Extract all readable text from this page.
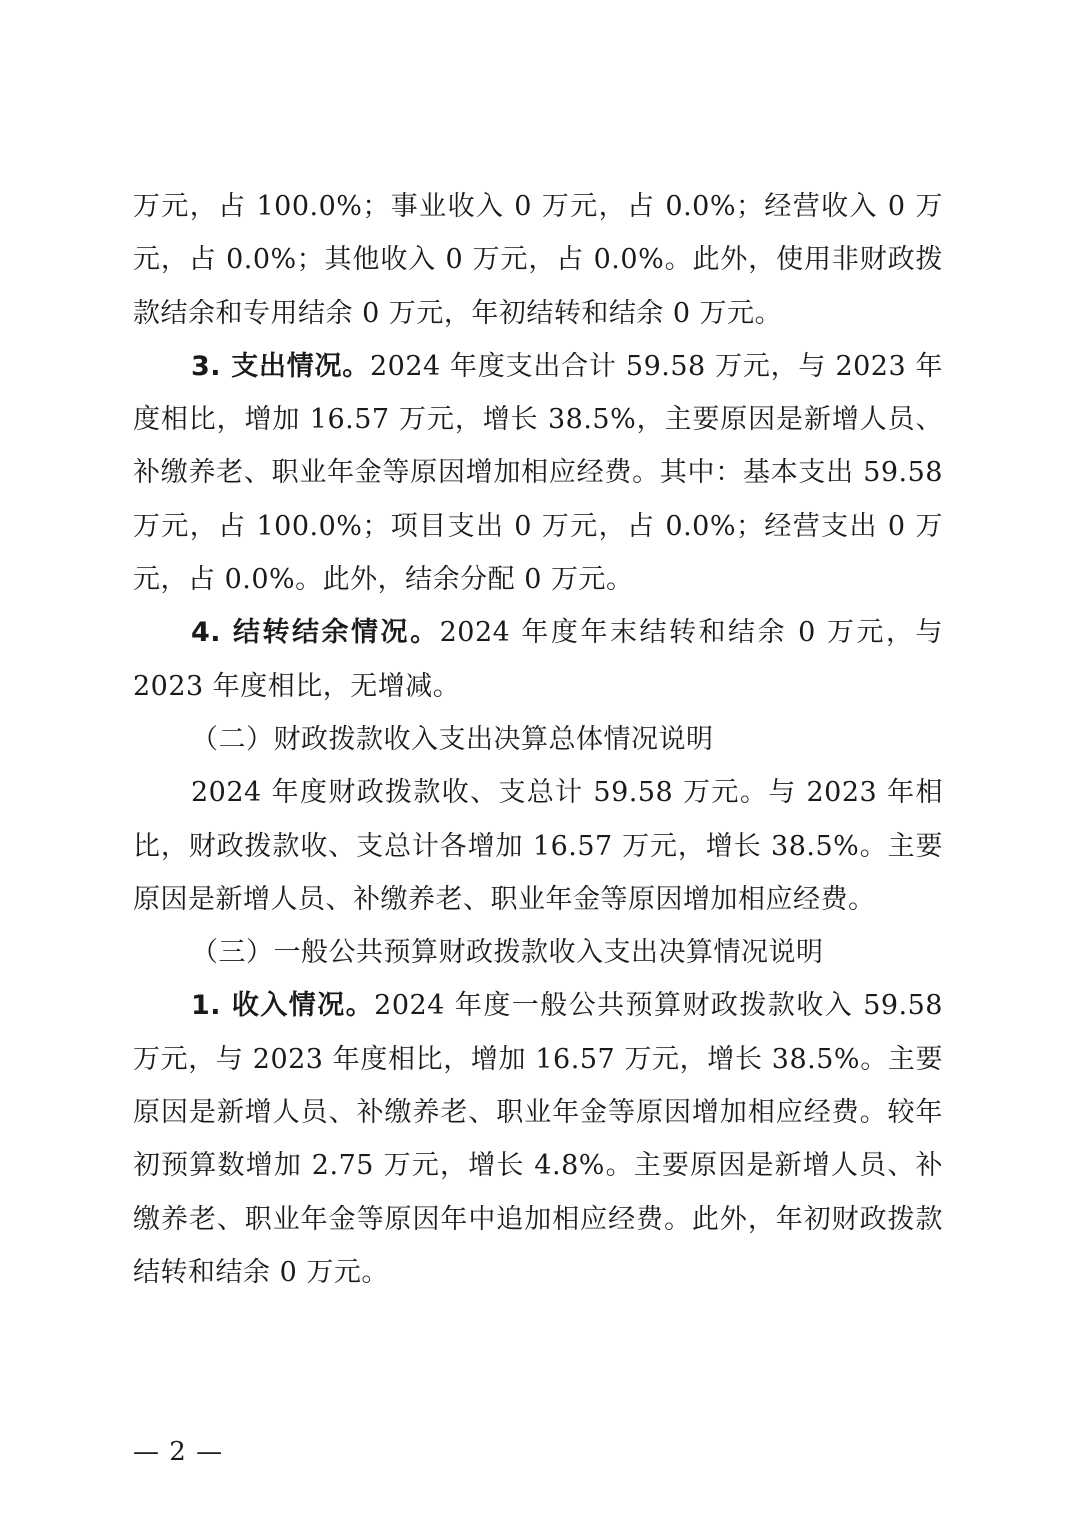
万元，占 100.0%；事业收入 0 万元，占 0.0%；经营收入 0 万元，占 0.0%；其他收入 0 万元，占 0.0%。此外，使用非财政拨款结余和专用结余 0 万元，年初结转和结余 0 万元。

3. 支出情况。2024 年度支出合计 59.58 万元，与 2023 年度相比，增加 16.57 万元，增长 38.5%，主要原因是新增人员、补缴养老、职业年金等原因增加相应经费。其中：基本支出 59.58 万元，占 100.0%；项目支出 0 万元，占 0.0%；经营支出 0 万元，占 0.0%。此外，结余分配 0 万元。

4. 结转结余情况。2024 年度年末结转和结余 0 万元，与 2023 年度相比，无增减。

（二）财政拨款收入支出决算总体情况说明

2024 年度财政拨款收、支总计 59.58 万元。与 2023 年相比，财政拨款收、支总计各增加 16.57 万元，增长 38.5%。主要原因是新增人员、补缴养老、职业年金等原因增加相应经费。

（三）一般公共预算财政拨款收入支出决算情况说明

1. 收入情况。2024 年度一般公共预算财政拨款收入 59.58 万元，与 2023 年度相比，增加 16.57 万元，增长 38.5%。主要原因是新增人员、补缴养老、职业年金等原因增加相应经费。较年初预算数增加 2.75 万元，增长 4.8%。主要原因是新增人员、补缴养老、职业年金等原因年中追加相应经费。此外，年初财政拨款结转和结余 0 万元。

— 2 —
